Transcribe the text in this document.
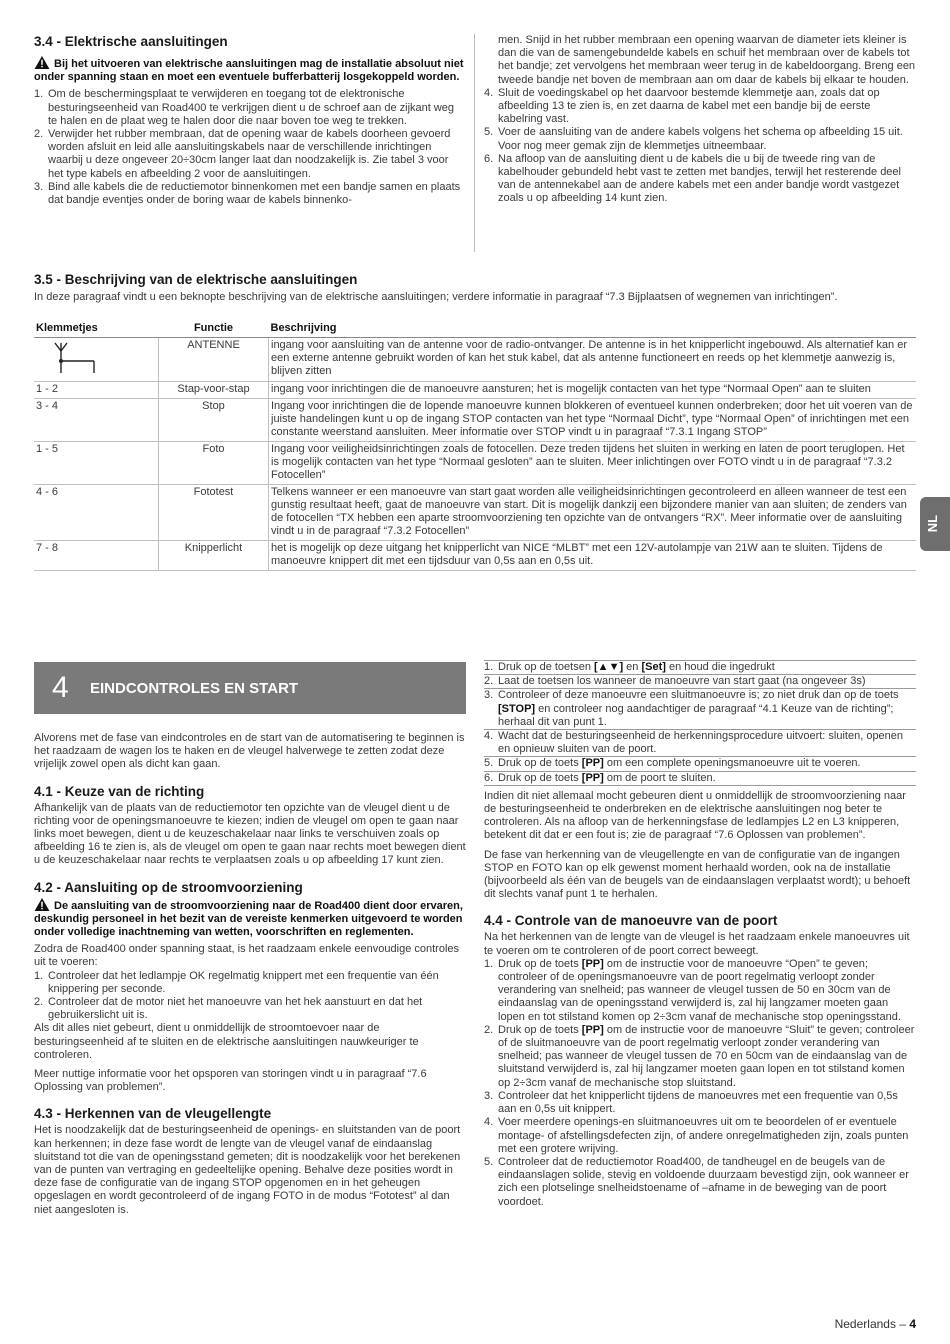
3.4 - Elektrische aansluitingen

Bij het uitvoeren van elektrische aansluitingen mag de installatie absoluut niet onder spanning staan en moet een eventuele bufferbatterij losgekoppeld worden.

1. Om de beschermingsplaat te verwijderen en toegang tot de elektronische besturingseenheid van Road400 te verkrijgen dient u de schroef aan de zijkant weg te halen en de plaat weg te halen door die naar boven toe weg te trekken.
2. Verwijder het rubber membraan, dat de opening waar de kabels doorheen gevoerd worden afsluit en leid alle aansluitingskabels naar de verschillende inrichtingen waarbij u deze ongeveer 20÷30cm langer laat dan noodzakelijk is. Zie tabel 3 voor het type kabels en afbeelding 2 voor de aansluitingen.
3. Bind alle kabels die de reductiemotor binnenkomen met een bandje samen en plaats dat bandje eventjes onder de boring waar de kabels binnenko-

men. Snijd in het rubber membraan een opening waarvan de diameter iets kleiner is dan die van de samengebundelde kabels en schuif het membraan over de kabels tot het bandje; zet vervolgens het membraan weer terug in de kabeldoorgang. Breng een tweede bandje net boven de membraan aan om daar de kabels bij elkaar te houden.

4. Sluit de voedingskabel op het daarvoor bestemde klemmetje aan, zoals dat op afbeelding 13 te zien is, en zet daarna de kabel met een bandje bij de eerste kabelring vast.
5. Voer de aansluiting van de andere kabels volgens het schema op afbeelding 15 uit. Voor nog meer gemak zijn de klemmetjes uitneembaar.
6. Na afloop van de aansluiting dient u de kabels die u bij de tweede ring van de kabelhouder gebundeld hebt vast te zetten met bandjes, terwijl het resterende deel van de antennekabel aan de andere kabels met een ander bandje wordt vastgezet zoals u op afbeelding 14 kunt zien.
3.5 - Beschrijving van de elektrische aansluitingen

In deze paragraaf vindt u een beknopte beschrijving van de elektrische aansluitingen; verdere informatie in paragraaf “7.3 Bijplaatsen of wegnemen van inrichtingen”.

Klemmetjes	Functie	Beschrijving
	ANTENNE	ingang voor aansluiting van de antenne voor de radio-ontvanger. De antenne is in het knipperlicht ingebouwd. Als alternatief kan er een externe antenne gebruikt worden of kan het stuk kabel, dat als antenne functioneert en reeds op het klemmetje aanwezig is, blijven zitten
1 - 2	Stap-voor-stap	ingang voor inrichtingen die de manoeuvre aansturen; het is mogelijk contacten van het type “Normaal Open” aan te sluiten
3 - 4	Stop	Ingang voor inrichtingen die de lopende manoeuvre kunnen blokkeren of eventueel kunnen onderbreken; door het uit voeren van de juiste handelingen kunt u op de ingang STOP contacten van het type “Normaal Dicht”, type “Normaal Open” of inrichtingen met een constante weerstand aansluiten. Meer informatie over STOP vindt u in paragraaf “7.3.1 Ingang STOP”
1 - 5	Foto	Ingang voor veiligheidsinrichtingen zoals de fotocellen. Deze treden tijdens het sluiten in werking en laten de poort teruglopen. Het is mogelijk contacten van het type “Normaal gesloten” aan te sluiten. Meer inlichtingen over FOTO vindt u in de paragraaf “7.3.2 Fotocellen”
4 - 6	Fototest	Telkens wanneer er een manoeuvre van start gaat worden alle veiligheidsinrichtingen gecontroleerd en alleen wanneer de test een gunstig resultaat heeft, gaat de manoeuvre van start. Dit is mogelijk dankzij een bijzondere manier van aan sluiten; de zenders van de fotocellen “TX hebben een aparte stroomvoorziening ten opzichte van de ontvangers “RX”. Meer informatie over de aansluiting vindt u in de paragraaf “7.3.2 Fotocellen”
7 - 8	Knipperlicht	het is mogelijk op deze uitgang het knipperlicht van NICE “MLBT” met een 12V-autolampje van 21W aan te sluiten. Tijdens de manoeuvre knippert dit met een tijdsduur van 0,5s aan en 0,5s uit.
NL
4 EINDCONTROLES EN START

Alvorens met de fase van eindcontroles en de start van de automatisering te beginnen is het raadzaam de wagen los te haken en de vleugel halverwege te zetten zodat deze vrijelijk zowel open als dicht kan gaan.

4.1 - Keuze van de richting

Afhankelijk van de plaats van de reductiemotor ten opzichte van de vleugel dient u de richting voor de openingsmanoeuvre te kiezen; indien de vleugel om open te gaan naar links moet bewegen, dient u de keuzeschakelaar naar links te verschuiven zoals op afbeelding 16 te zien is, als de vleugel om open te gaan naar rechts moet bewegen dient u de keuzeschakelaar naar rechts te verplaatsen zoals u op afbeelding 17 kunt zien.

4.2 - Aansluiting op de stroomvoorziening

De aansluiting van de stroomvoorziening naar de Road400 dient door ervaren, deskundig personeel in het bezit van de vereiste kenmerken uitgevoerd te worden onder volledige inachtneming van wetten, voorschriften en reglementen.

Zodra de Road400 onder spanning staat, is het raadzaam enkele eenvoudige controles uit te voeren:

1. Controleer dat het ledlampje OK regelmatig knippert met een frequentie van één knippering per seconde.
2. Controleer dat de motor niet het manoeuvre van het hek aanstuurt en dat het gebruikerslicht uit is.

Als dit alles niet gebeurt, dient u onmiddellijk de stroomtoevoer naar de besturingseenheid af te sluiten en de elektrische aansluitingen nauwkeuriger te controleren.

Meer nuttige informatie voor het opsporen van storingen vindt u in paragraaf “7.6 Oplossing van problemen”.

4.3 - Herkennen van de vleugellengte

Het is noodzakelijk dat de besturingseenheid de openings- en sluitstanden van de poort kan herkennen; in deze fase wordt de lengte van de vleugel vanaf de eindaanslag sluitstand tot die van de openingsstand gemeten; dit is noodzakelijk voor het berekenen van de punten van vertraging en gedeeltelijke opening. Behalve deze posities wordt in deze fase de configuratie van de ingang STOP opgenomen en in het geheugen opgeslagen en wordt gecontroleerd of de ingang FOTO in de modus “Fototest” al dan niet aangesloten is.

1. Druk op de toetsen [▲▼] en [Set] en houd die ingedrukt
2. Laat de toetsen los wanneer de manoeuvre van start gaat (na ongeveer 3s)
3. Controleer of deze manoeuvre een sluitmanoeuvre is; zo niet druk dan op de toets [STOP] en controleer nog aandachtiger de paragraaf “4.1 Keuze van de richting”; herhaal dit van punt 1.
4. Wacht dat de besturingseenheid de herkenningsprocedure uitvoert: sluiten, openen en opnieuw sluiten van de poort.
5. Druk op de toets [PP] om een complete openingsmanoeuvre uit te voeren.
6. Druk op de toets [PP] om de poort te sluiten.

Indien dit niet allemaal mocht gebeuren dient u onmiddellijk de stroomvoorziening naar de besturingseenheid te onderbreken en de elektrische aansluitingen nog beter te controleren. Als na afloop van de herkenningsfase de ledlampjes L2 en L3 knipperen, betekent dit dat er een fout is; zie de paragraaf “7.6 Oplossen van problemen”.

De fase van herkenning van de vleugellengte en van de configuratie van de ingangen STOP en FOTO kan op elk gewenst moment herhaald worden, ook na de installatie (bijvoorbeeld als één van de beugels van de eindaanslagen verplaatst wordt); u behoeft dit slechts vanaf punt 1 te herhalen.

4.4 - Controle van de manoeuvre van de poort

Na het herkennen van de lengte van de vleugel is het raadzaam enkele manoeuvres uit te voeren om te controleren of de poort correct beweegt.

1. Druk op de toets [PP] om de instructie voor de manoeuvre “Open” te geven; controleer of de openingsmanoeuvre van de poort regelmatig verloopt zonder verandering van snelheid; pas wanneer de vleugel tussen de 50 en 30cm van de eindaanslag van de openingsstand verwijderd is, zal hij langzamer moeten gaan lopen en tot stilstand komen op 2÷3cm vanaf de mechanische stop openingsstand.
2. Druk op de toets [PP] om de instructie voor de manoeuvre “Sluit” te geven; controleer of de sluitmanoeuvre van de poort regelmatig verloopt zonder verandering van snelheid; pas wanneer de vleugel tussen de 70 en 50cm van de eindaanslag van de sluitstand verwijderd is, zal hij langzamer moeten gaan lopen en tot stilstand komen op 2÷3cm vanaf de mechanische stop sluitstand.
3. Controleer dat het knipperlicht tijdens de manoeuvres met een frequentie van 0,5s aan en 0,5s uit knippert.
4. Voer meerdere openings-en sluitmanoeuvres uit om te beoordelen of er eventuele montage- of afstellingsdefecten zijn, of andere onregelmatigheden zijn, zoals punten met een grotere wrijving.
5. Controleer dat de reductiemotor Road400, de tandheugel en de beugels van de eindaanslagen solide, stevig en voldoende duurzaam bevestigd zijn, ook wanneer er zich een plotselinge snelheidstoename of –afname in de beweging van de poort voordoet.
Nederlands – 4
